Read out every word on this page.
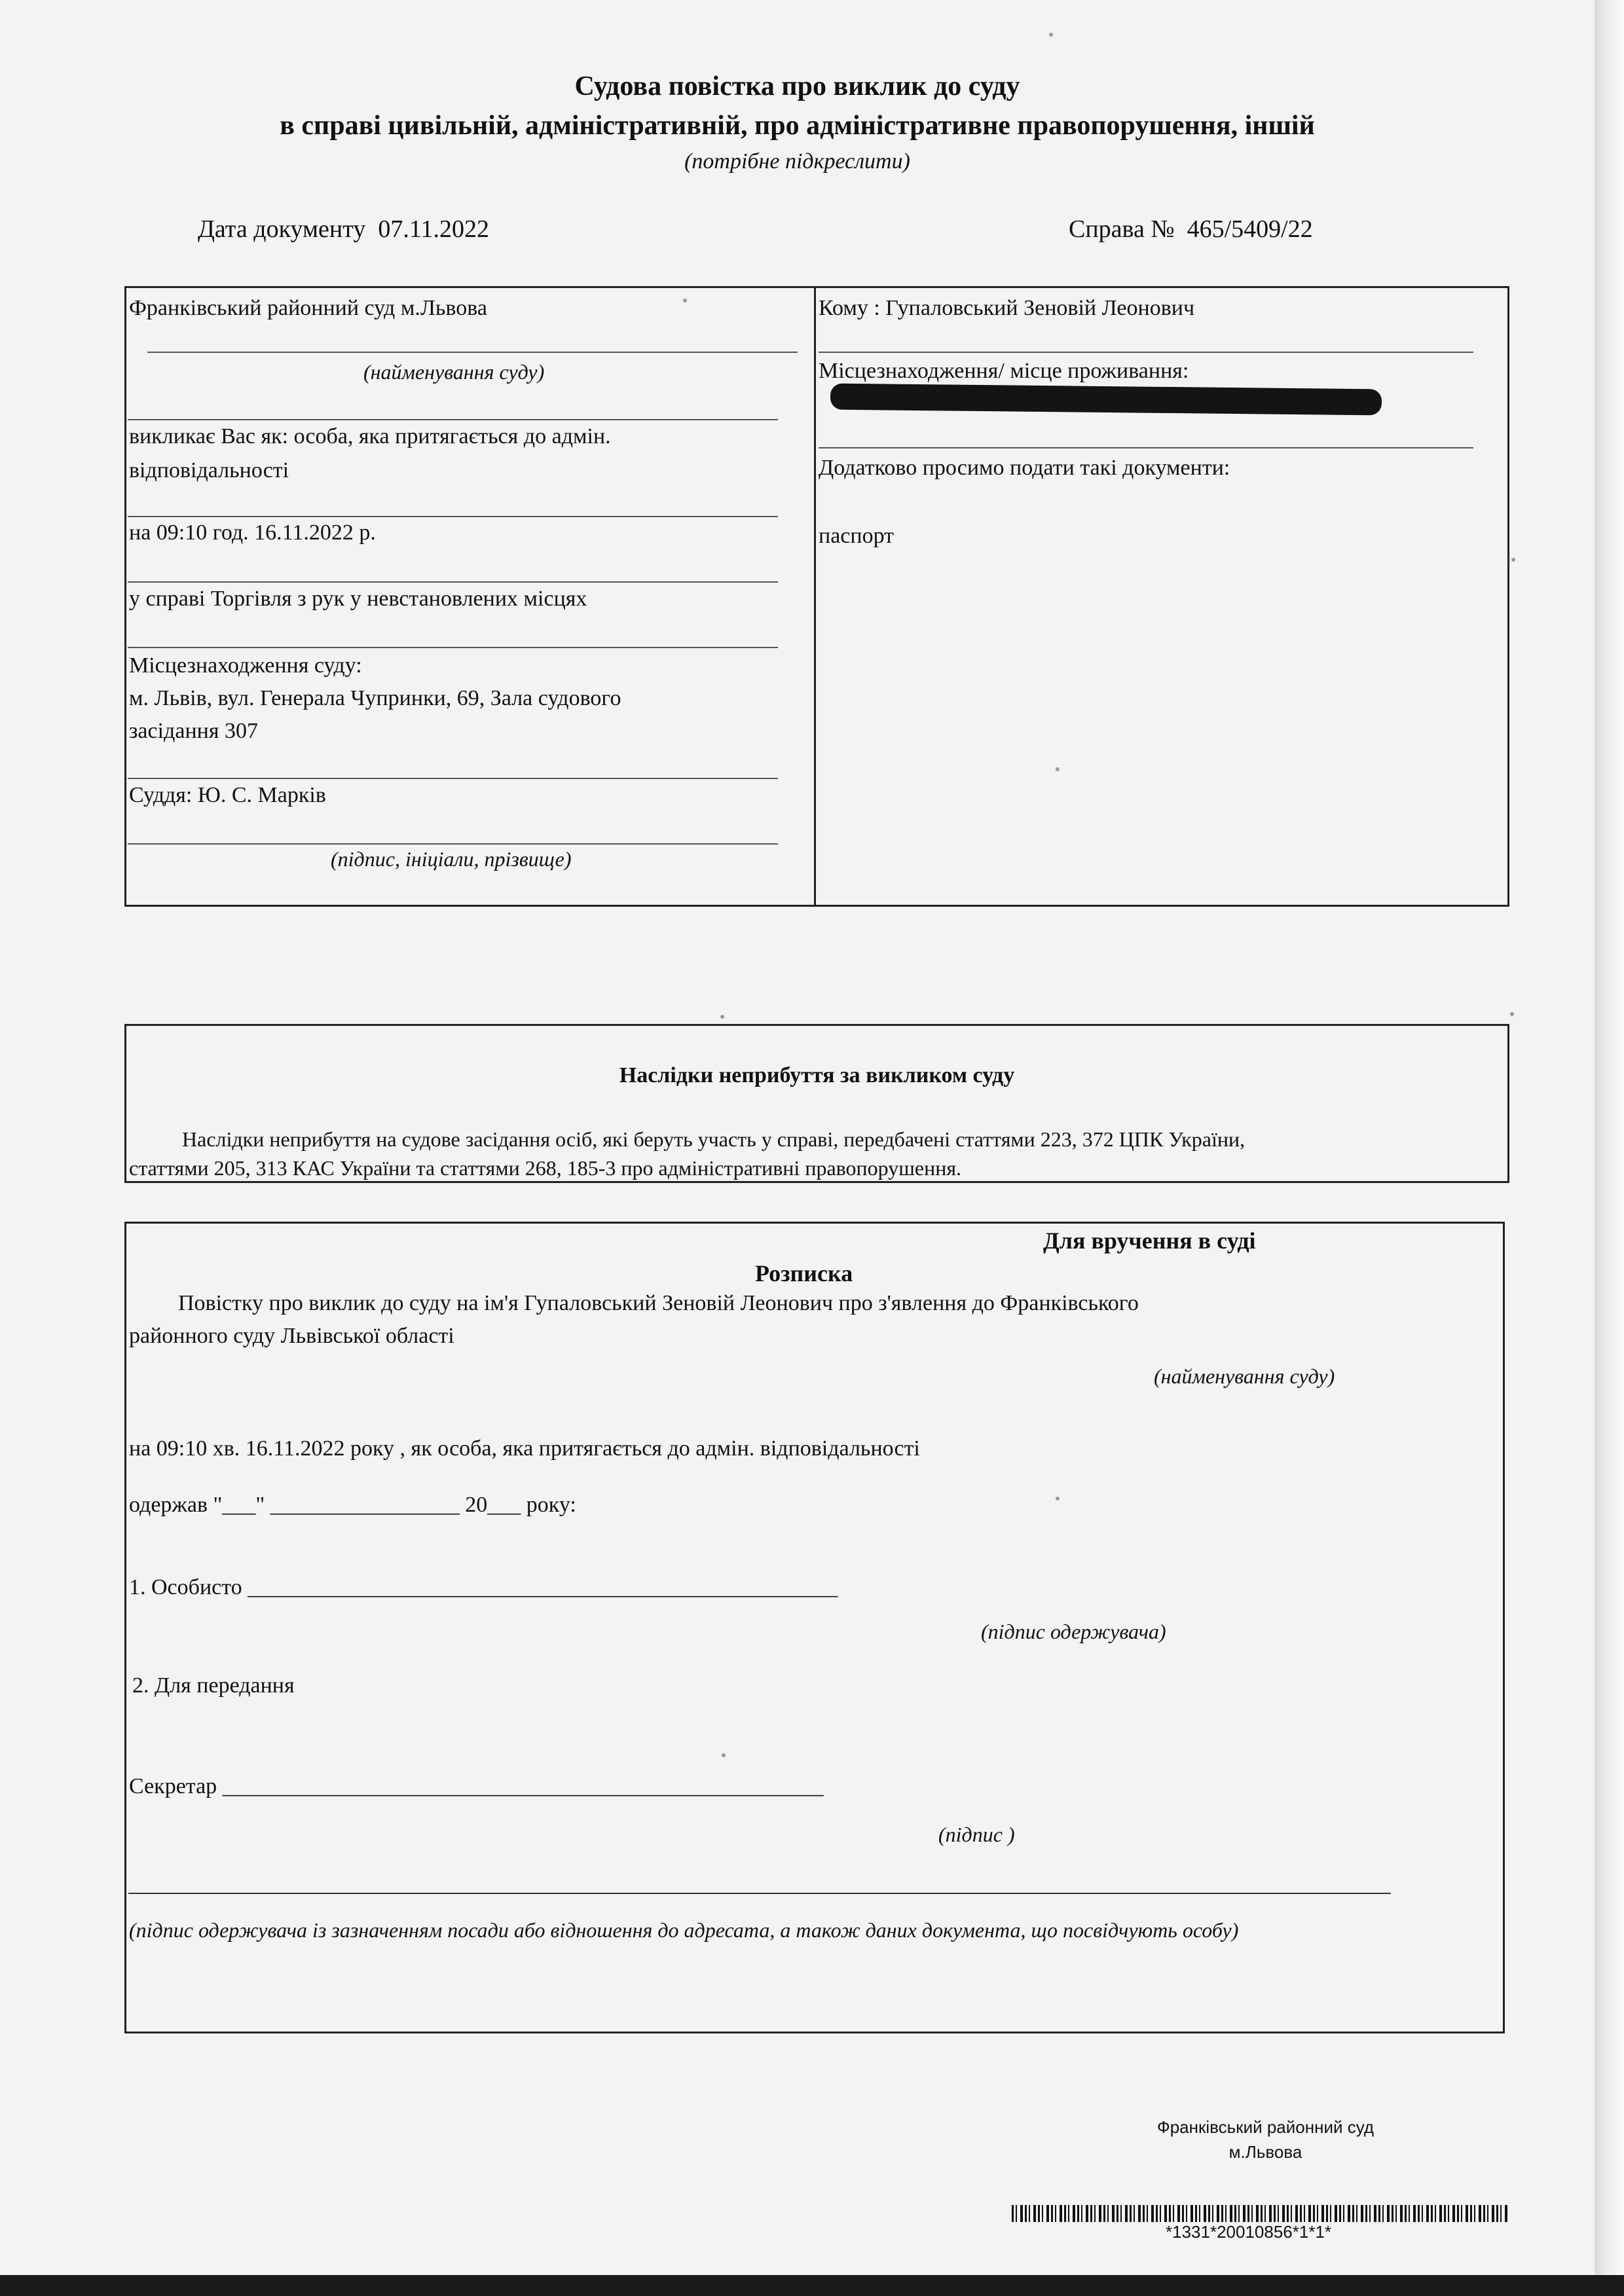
Судова повістка про виклик до суду
в справі цивільній, адміністративній, про адміністративне правопорушення, іншій
(потрібне підкреслити)
Дата документу 07.11.2022	Справа № 465/5409/22
Франківський районний суд м.Львова
(найменування суду)
викликає Вас як: особа, яка притягається до адмін.
відповідальності
на 09:10 год. 16.11.2022 р.
у справі Торгівля з рук у невстановлених місцях
Місцезнаходження суду:
м. Львів, вул. Генерала Чупринки, 69, Зала судового
засідання 307
Суддя: Ю. С. Марків
(підпис, ініціали, прізвище)
Кому : Гупаловський Зеновій Леонович
Місцезнаходження/ місце проживання:
Додатково просимо подати такі документи:
паспорт
Наслідки неприбуття за викликом суду
Наслідки неприбуття на судове засідання осіб, які беруть участь у справі, передбачені статтями 223, 372 ЦПК України,
статтями 205, 313 КАС України та статтями 268, 185-3 про адміністративні правопорушення.
Для вручення в суді
Розписка
Повістку про виклик до суду на ім'я Гупаловський Зеновій Леонович про з'явлення до Франківського
районного суду Львівської області
(найменування суду)
на 09:10 хв. 16.11.2022 року , як особа, яка притягається до адмін. відповідальності
одержав "___" _________________ 20___ року:
1. Особисто _____________________________________________________
(підпис одержувача)
2. Для передання
Секретар ______________________________________________________
(підпис )
(підпис одержувача із зазначенням посади або відношення до адресата, а також даних документа, що посвідчують особу)
Франківський районний суд
м.Львова
*1331*20010856*1*1*
